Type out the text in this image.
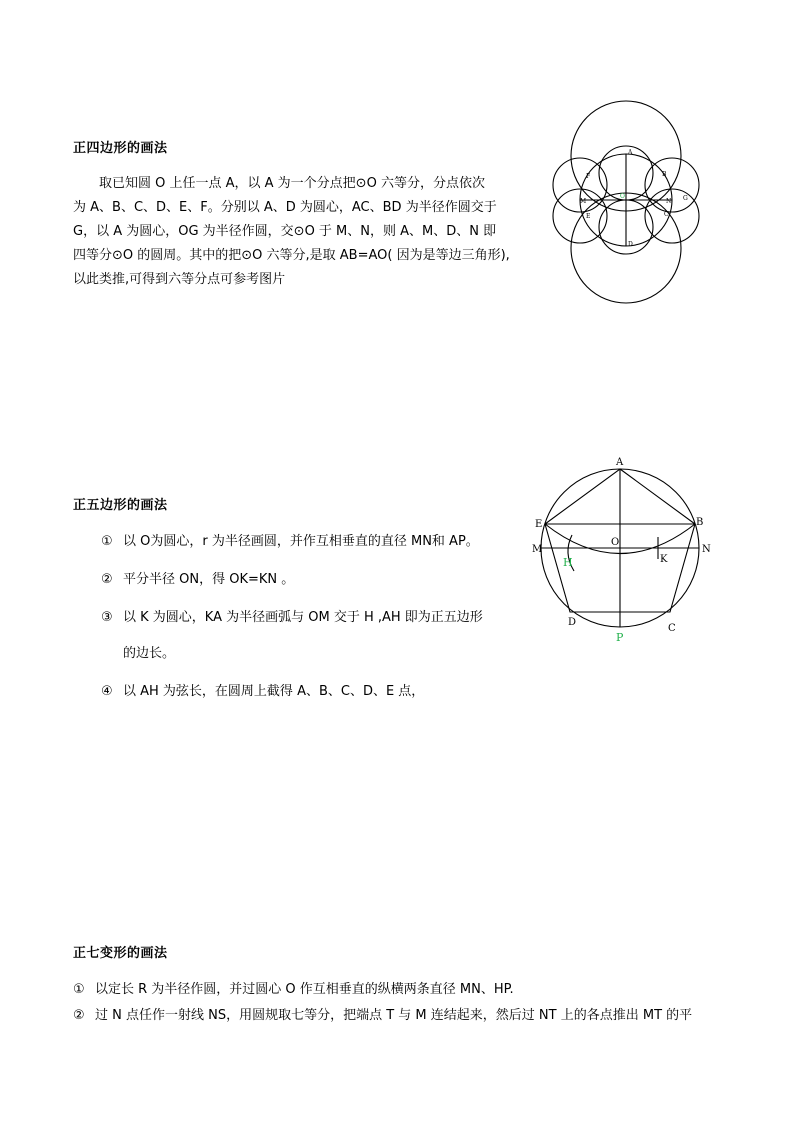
正四边形的画法
取已知圆 O 上任一点 A，以 A 为一个分点把⊙O 六等分，分点依次
为 A、B、C、D、E、F。分别以 A、D 为圆心，AC、BD 为半径作圆交于
G，以 A 为圆心，OG 为半径作圆，交⊙O 于 M、N，则 A、M、D、N 即
四等分⊙O 的圆周。其中的把⊙O 六等分,是取 AB=AO( 因为是等边三角形),
以此类推,可得到六等分点可参考图片
A
B
C
D
E
F
G
M	N
O
正五边形的画法
① 以 O为圆心，r 为半径画圆，并作互相垂直的直径 MN和 AP。
② 平分半径 ON，得 OK=KN 。
③ 以 K 为圆心，KA 为半径画弧与 OM 交于 H ,AH 即为正五边形
的边长。
④ 以 AH 为弦长，在圆周上截得 A、B、C、D、E 点，
A
B
C
D
E
M	N
O
K
H
P
正七变形的画法
① 以定长 R 为半径作圆，并过圆心 O 作互相垂直的纵横两条直径 MN、HP.
② 过 N 点任作一射线 NS，用圆规取七等分，把端点 T 与 M 连结起来，然后过 NT 上的各点推出 MT 的平
